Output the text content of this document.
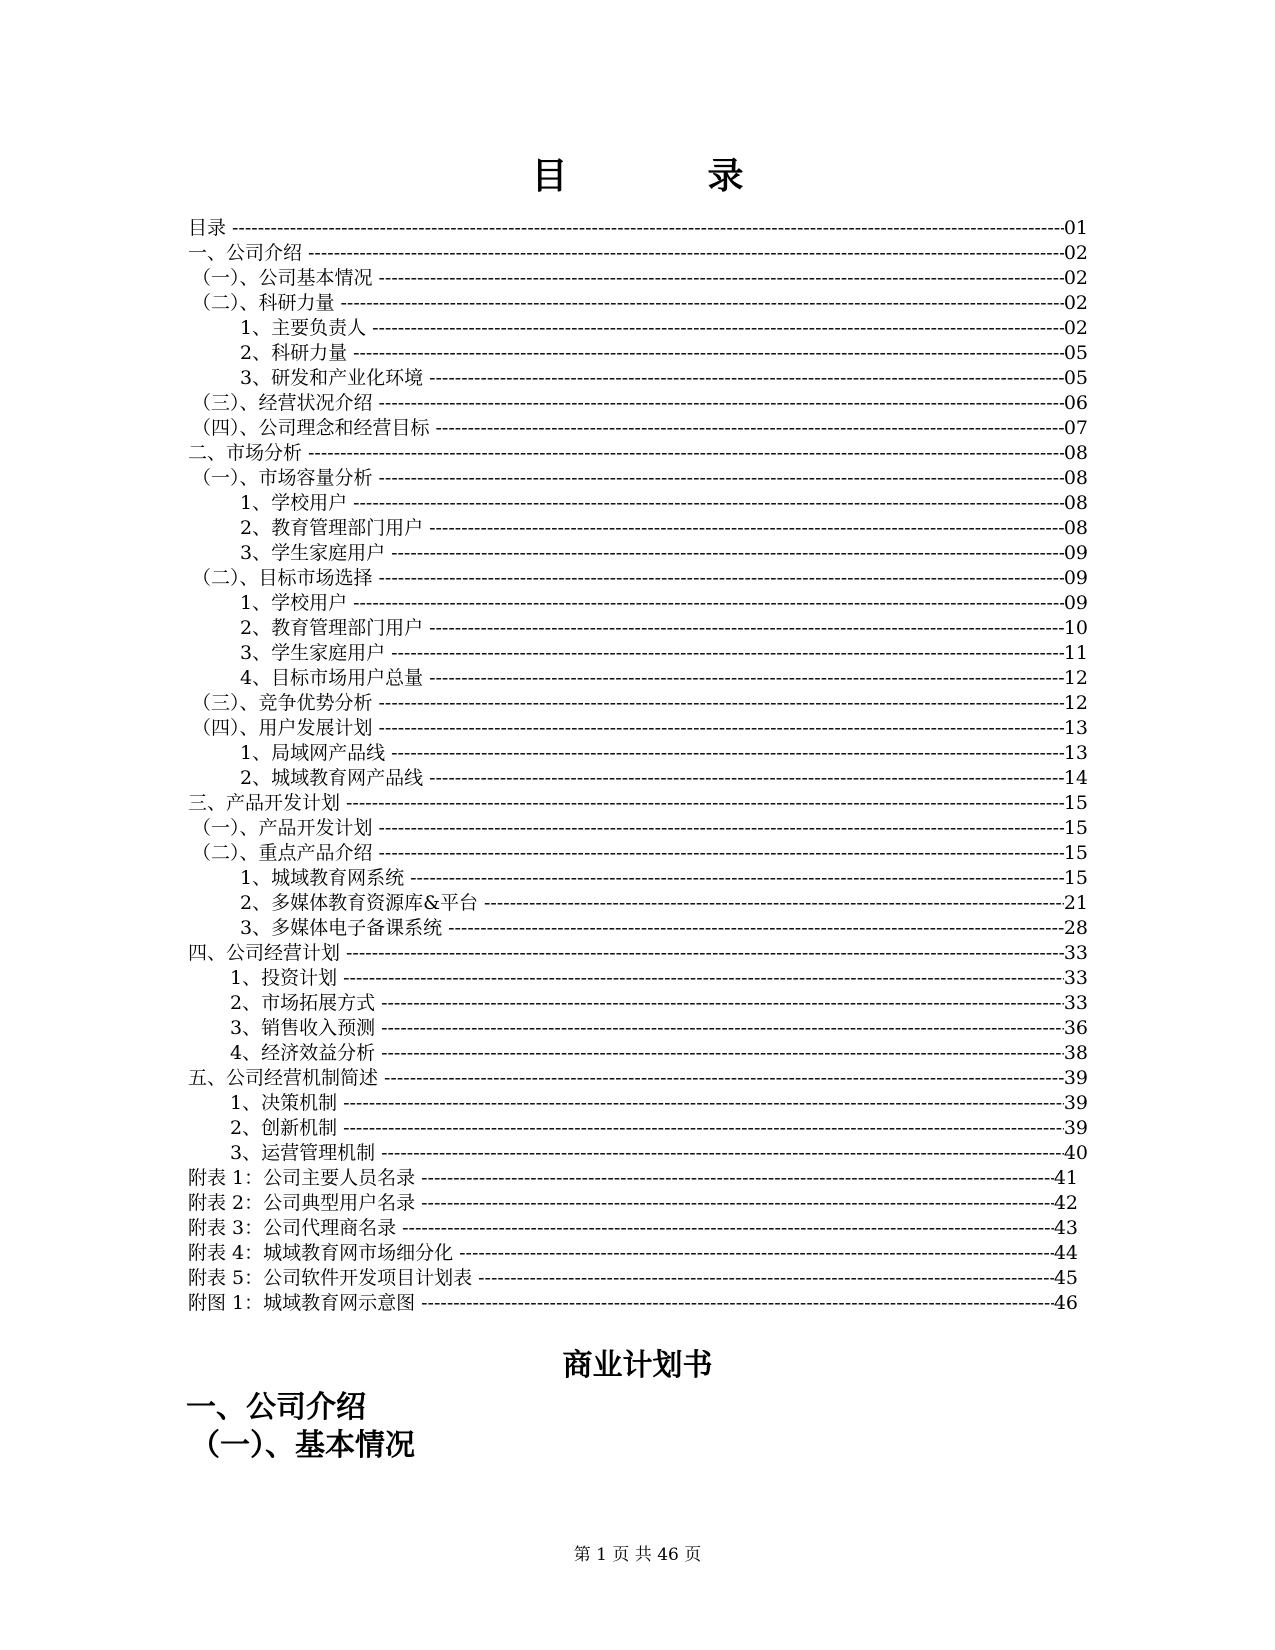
目	录
目录 -----	01
一、公司介绍 -----	02
（一）、公司基本情况 -----	02
（二）、科研力量 -----	02
1、主要负责人 -----	02
2、科研力量 -----	05
3、研发和产业化环境 -----	05
（三）、经营状况介绍 -----	06
（四）、公司理念和经营目标 -----	07
二、市场分析 -----	08
（一）、市场容量分析 -----	08
1、学校用户 -----	08
2、教育管理部门用户 -----	08
3、学生家庭用户 -----	09
（二）、目标市场选择 -----	09
1、学校用户 -----	09
2、教育管理部门用户 -----	10
3、学生家庭用户 -----	11
4、目标市场用户总量 -----	12
（三）、竞争优势分析 -----	12
（四）、用户发展计划 -----	13
1、局域网产品线 -----	13
2、城域教育网产品线 -----	14
三、产品开发计划 -----	15
（一）、产品开发计划 -----	15
（二）、重点产品介绍 -----	15
1、城域教育网系统 -----	15
2、多媒体教育资源库&平台 -----	21
3、多媒体电子备课系统 -----	28
四、公司经营计划 -----	33
1、投资计划 -----	33
2、市场拓展方式 -----	33
3、销售收入预测 -----	36
4、经济效益分析 -----	38
五、公司经营机制简述 -----	39
1、决策机制 -----	39
2、创新机制 -----	39
3、运营管理机制 -----	40
附表 1：公司主要人员名录 -----	41
附表 2：公司典型用户名录 -----	42
附表 3：公司代理商名录 -----	43
附表 4：城域教育网市场细分化 -----	44
附表 5：公司软件开发项目计划表 -----	45
附图 1：城域教育网示意图 -----	46
商业计划书
一、公司介绍
（一）、基本情况
第 1 页 共 46 页
